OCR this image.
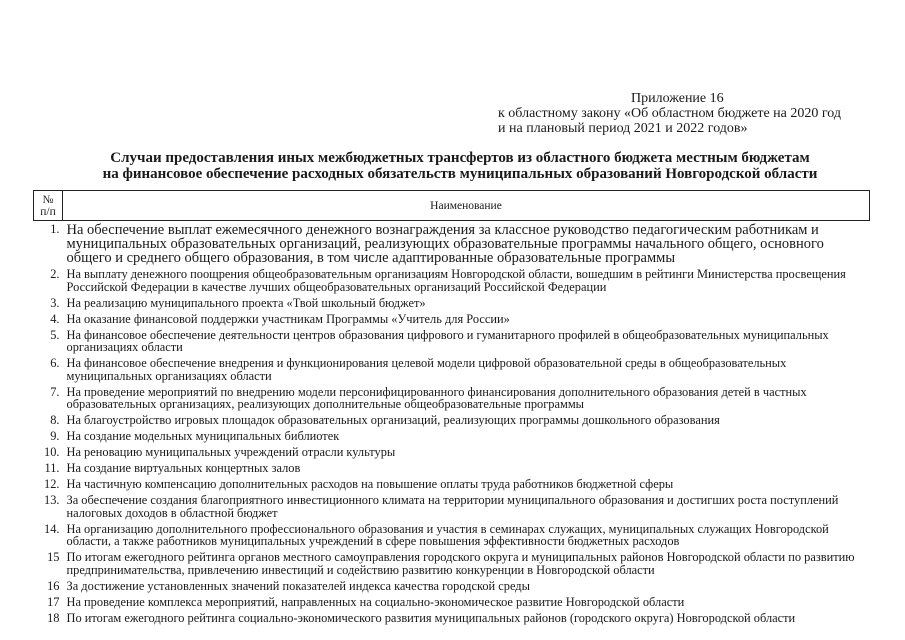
Приложение 16
к областному закону «Об областном бюджете на 2020 год
и на плановый период 2021 и 2022 годов»
Случаи предоставления иных межбюджетных трансфертов из областного бюджета местным бюджетам
на финансовое обеспечение расходных обязательств муниципальных образований Новгородской области
№
п/п	Наименование
1.	На обеспечение выплат ежемесячного денежного вознаграждения за классное руководство педагогическим работникам и муниципальных образовательных организаций, реализующих образовательные программы начального общего, основного общего и среднего общего образования, в том числе адаптированные образовательные программы
2.	На выплату денежного поощрения общеобразовательным организациям Новгородской области, вошедшим в рейтинги Министерства просвещения Российской Федерации в качестве лучших общеобразовательных организаций Российской Федерации
3.	На реализацию муниципального проекта «Твой школьный бюджет»
4.	На оказание финансовой поддержки участникам Программы «Учитель для России»
5.	На финансовое обеспечение деятельности центров образования цифрового и гуманитарного профилей в общеобразовательных муниципальных организациях области
6.	На финансовое обеспечение внедрения и функционирования целевой модели цифровой образовательной среды в общеобразовательных муниципальных организациях области
7.	На проведение мероприятий по внедрению модели персонифицированного финансирования дополнительного образования детей в частных образовательных организациях, реализующих дополнительные общеобразовательные программы
8.	На благоустройство игровых площадок образовательных организаций, реализующих программы дошкольного образования
9.	На создание модельных муниципальных библиотек
10.	На реновацию муниципальных учреждений отрасли культуры
11.	На создание виртуальных концертных залов
12.	На частичную компенсацию дополнительных расходов на повышение оплаты труда работников бюджетной сферы
13.	За обеспечение создания благоприятного инвестиционного климата на территории муниципального образования и достигших роста поступлений налоговых доходов в областной бюджет
14.	На организацию дополнительного профессионального образования и участия в семинарах служащих, муниципальных служащих Новгородской области, а также работников муниципальных учреждений в сфере повышения эффективности бюджетных расходов
15	По итогам ежегодного рейтинга органов местного самоуправления городского округа и муниципальных районов Новгородской области по развитию предпринимательства, привлечению инвестиций и содействию развитию конкуренции в Новгородской области
16	За достижение установленных значений показателей индекса качества городской среды
17	На проведение комплекса мероприятий, направленных на социально-экономическое развитие Новгородской области
18	По итогам ежегодного рейтинга социально-экономического развития муниципальных районов (городского округа) Новгородской области
